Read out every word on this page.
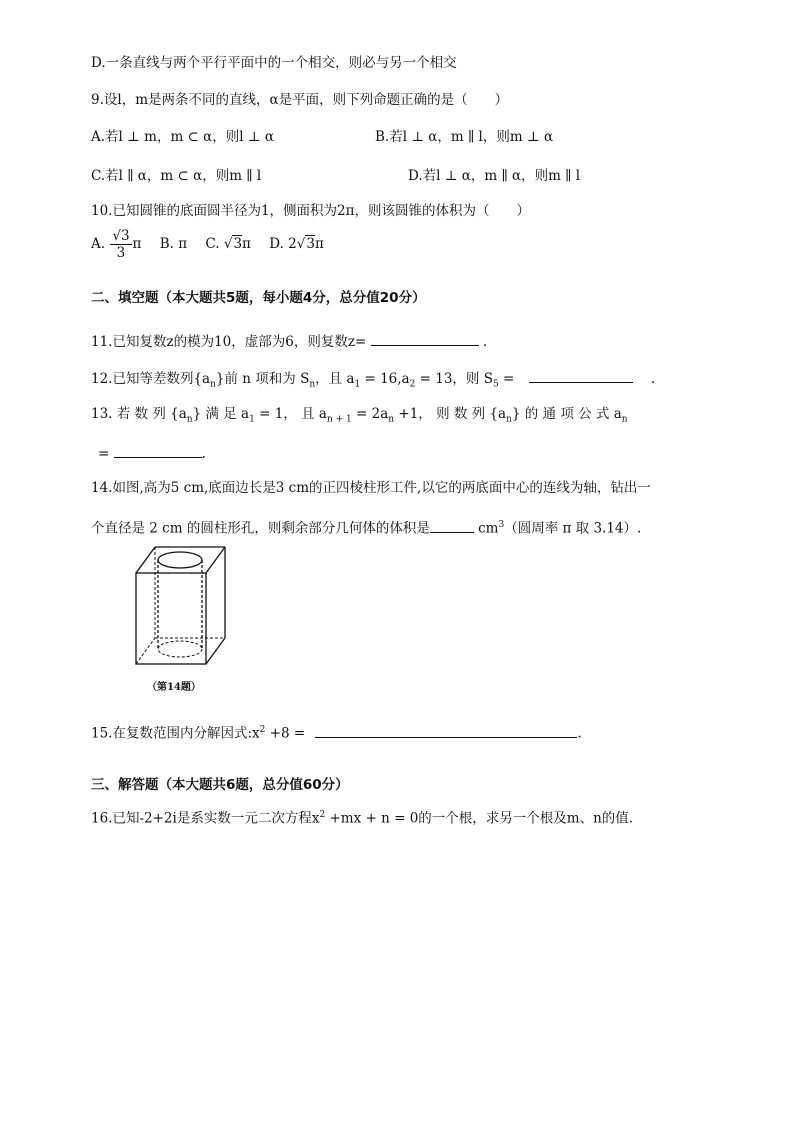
D.一条直线与两个平行平面中的一个相交，则必与另一个相交
9.设l，m是两条不同的直线，α是平面，则下列命题正确的是（　　）
A.若l ⊥ m，m ⊂ α，则l ⊥ α	B.若l ⊥ α，m ∥ l，则m ⊥ α
C.若l ∥ α，m ⊂ α，则m ∥ l	D.若l ⊥ α，m ∥ α，则m ∥ l
10.已知圆锥的底面圆半径为1，侧面积为2π，则该圆锥的体积为（　　）
A. $\frac{√3}{3}$ π B. π C. √3π D. 2√3π
二、填空题（本大题共5题，每小题4分，总分值20分）
11.已知复数z的模为10，虚部为6，则复数z=	.
12.已知等差数列$\{a_n\}$前 n 项和为 $S_n$，且 $a_1 = 16,a_2 = 13$，则 $S_5$ =	.
13. 若 数 列 $\{a_n\}$ 满 足 $a_1 = 1$， 且 $a_{n + 1} = 2a_n +1$， 则 数 列 $\{a_n\}$ 的 通 项 公 式 $a_n$
=	.
14.如图,高为5 cm,底面边长是3 cm的正四棱柱形工件,以它的两底面中心的连线为轴，钻出一
个直径是 2 cm 的圆柱形孔，则剩余部分几何体的体积是	$cm^3$（圆周率 π 取 3.14）.
（第14题）
15.在复数范围内分解因式$:x^2 +8$ =	.
三、解答题（本大题共6题，总分值60分）
16.已知-2+2i是系实数一元二次方程$x^2 +mx + n = 0$的一个根，求另一个根及m、n的值.
